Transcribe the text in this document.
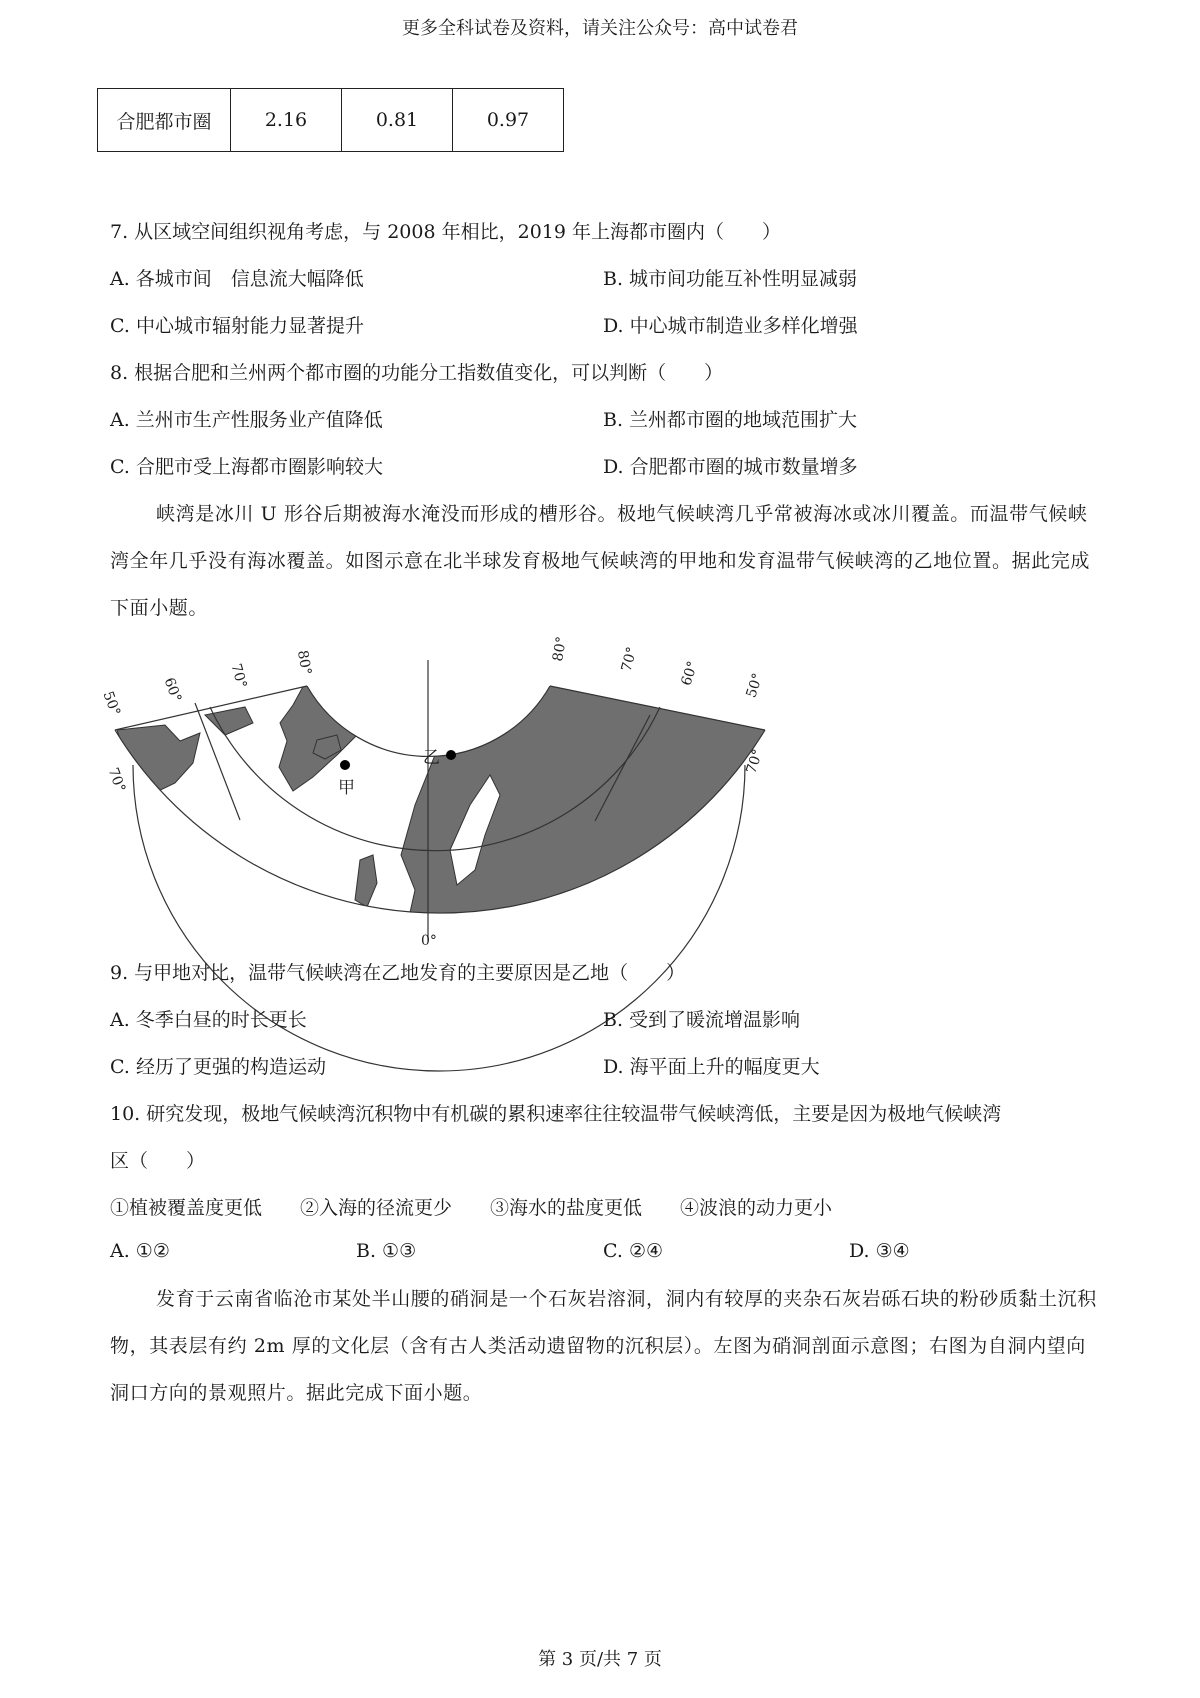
更多全科试卷及资料，请关注公众号：高中试卷君
合肥都市圈	2.16	0.81	0.97
7. 从区域空间组织视角考虑，与 2008 年相比，2019 年上海都市圈内（　　）
A. 各城市间　信息流大幅降低	B. 城市间功能互补性明显减弱
C. 中心城市辐射能力显著提升	D. 中心城市制造业多样化增强
8. 根据合肥和兰州两个都市圈的功能分工指数值变化，可以判断（　　）
A. 兰州市生产性服务业产值降低	B. 兰州都市圈的地域范围扩大
C. 合肥市受上海都市圈影响较大	D. 合肥都市圈的城市数量增多
峡湾是冰川 U 形谷后期被海水淹没而形成的槽形谷。极地气候峡湾几乎常被海冰或冰川覆盖。而温带气候峡湾全年几乎没有海冰覆盖。如图示意在北半球发育极地气候峡湾的甲地和发育温带气候峡湾的乙地位置。据此完成下面小题。
甲
乙
80°
70°
60°
50°
70°
80°	70°	60°	50°
70°
0°
9. 与甲地对比，温带气候峡湾在乙地发育的主要原因是乙地（　　）
A. 冬季白昼的时长更长	B. 受到了暖流增温影响
C. 经历了更强的构造运动	D. 海平面上升的幅度更大
10. 研究发现，极地气候峡湾沉积物中有机碳的累积速率往往较温带气候峡湾低，主要是因为极地气候峡湾
区（　　）
①植被覆盖度更低　　②入海的径流更少　　③海水的盐度更低　　④波浪的动力更小
A. ①②	B. ①③	C. ②④	D. ③④
发育于云南省临沧市某处半山腰的硝洞是一个石灰岩溶洞，洞内有较厚的夹杂石灰岩砾石块的粉砂质黏土沉积物，其表层有约 2m 厚的文化层（含有古人类活动遗留物的沉积层）。左图为硝洞剖面示意图；右图为自洞内望向洞口方向的景观照片。据此完成下面小题。
第 3 页/共 7 页
